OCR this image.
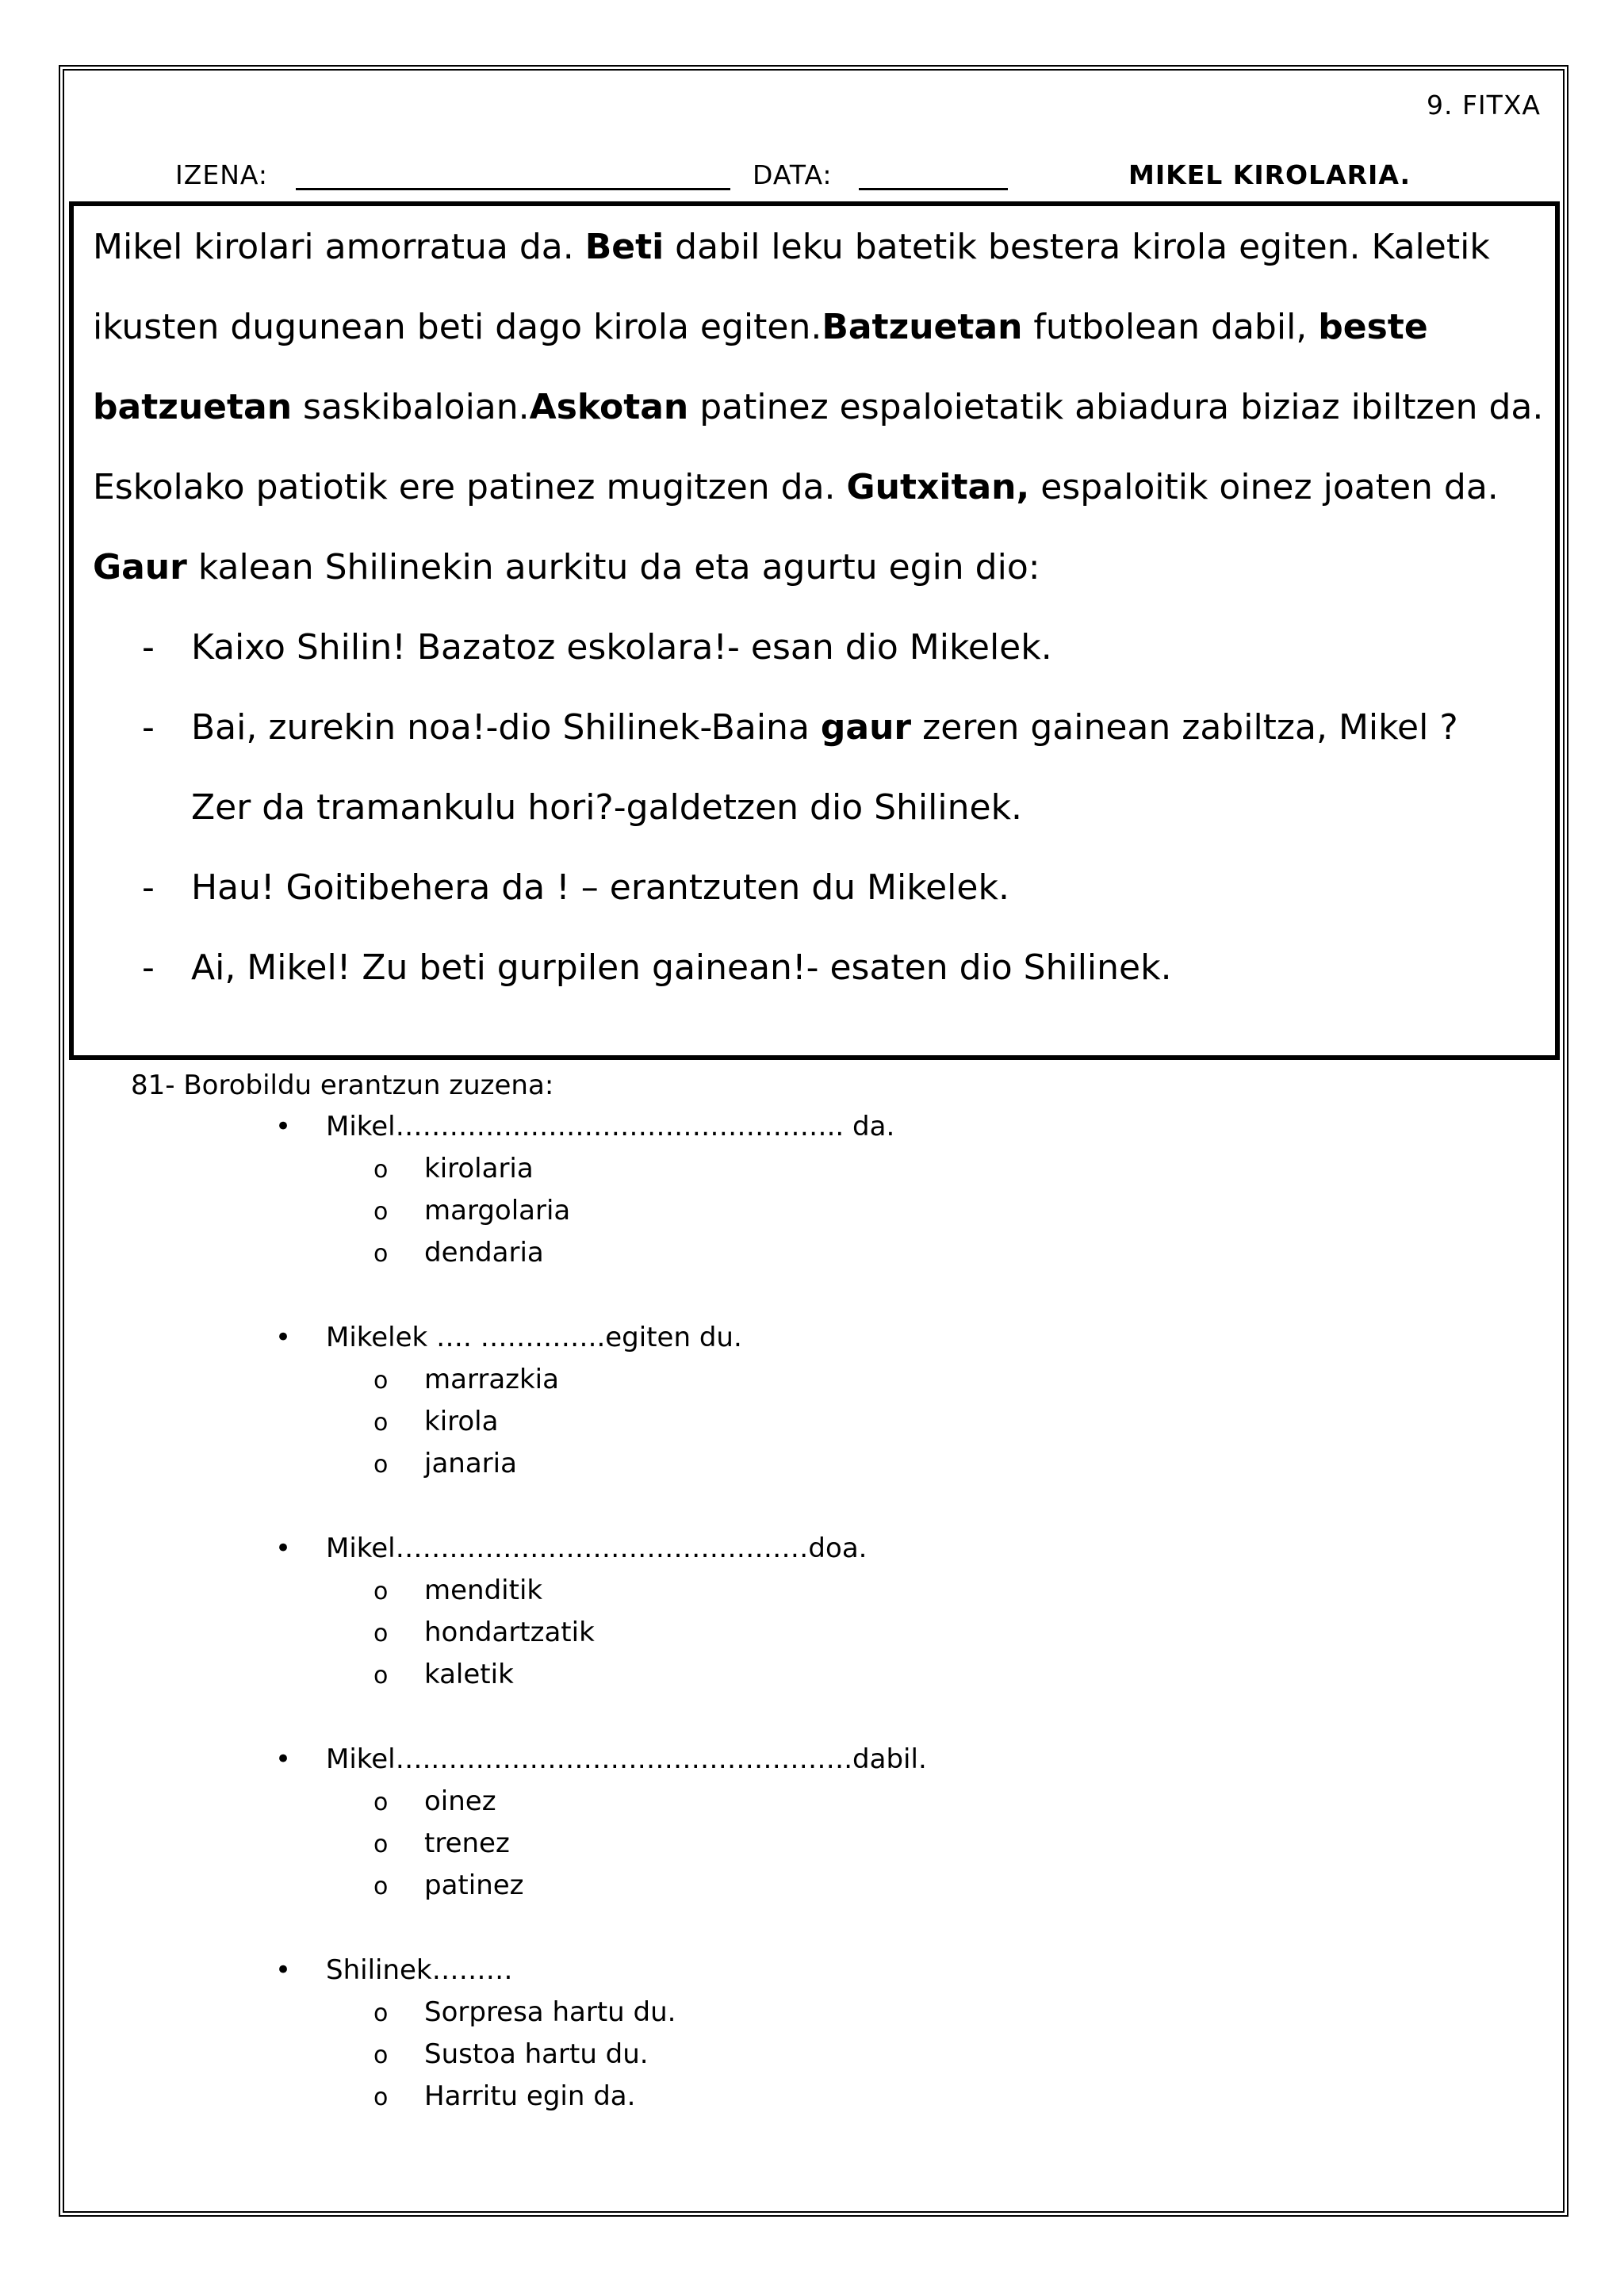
9. FITXA
IZENA:	DATA:	MIKEL KIROLARIA.
Mikel kirolari amorratua da. Beti dabil leku batetik bestera kirola egiten. Kaletik
ikusten dugunean beti dago kirola egiten.Batzuetan futbolean dabil, beste
batzuetan saskibaloian.Askotan patinez espaloietatik abiadura biziaz ibiltzen da.
Eskolako patiotik ere patinez mugitzen da. Gutxitan, espaloitik oinez joaten da.
Gaur kalean Shilinekin aurkitu da eta agurtu egin dio:
- Kaixo Shilin! Bazatoz eskolara!- esan dio Mikelek.
- Bai, zurekin noa!-dio Shilinek-Baina gaur zeren gainean zabiltza, Mikel ?
Zer da tramankulu hori?-galdetzen dio Shilinek.
- Hau! Goitibehera da ! – erantzuten du Mikelek.
- Ai, Mikel! Zu beti gurpilen gainean!- esaten dio Shilinek.
81- Borobildu erantzun zuzena:
• Mikel………………………………………….. da.
o kirolaria
o margolaria
o dendaria
• Mikelek …. …………..egiten du.
o marrazkia
o kirola
o janaria
• Mikel…….…………………………………doa.
o menditik
o hondartzatik
o kaletik
• Mikel…..……………………………………….dabil.
o oinez
o trenez
o patinez
• Shilinek………
o Sorpresa hartu du.
o Sustoa hartu du.
o Harritu egin da.
